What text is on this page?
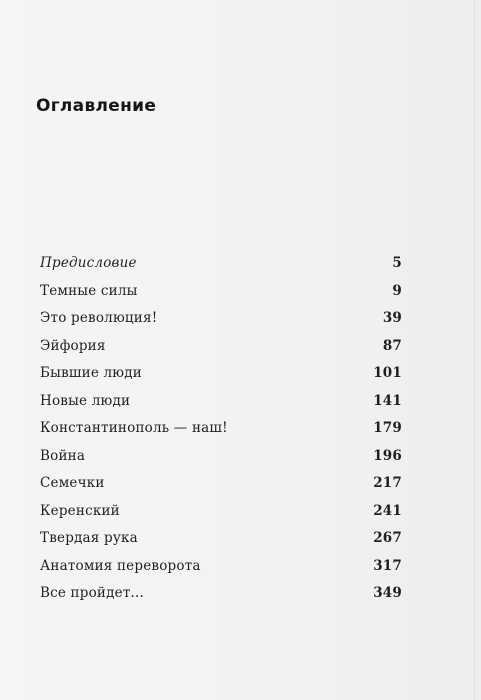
Оглавление
Предисловие	5
Темные силы	9
Это революция!	39
Эйфория	87
Бывшие люди	101
Новые люди	141
Константинополь — наш!	179
Война	196
Семечки	217
Керенский	241
Твердая рука	267
Анатомия переворота	317
Все пройдет...	349
